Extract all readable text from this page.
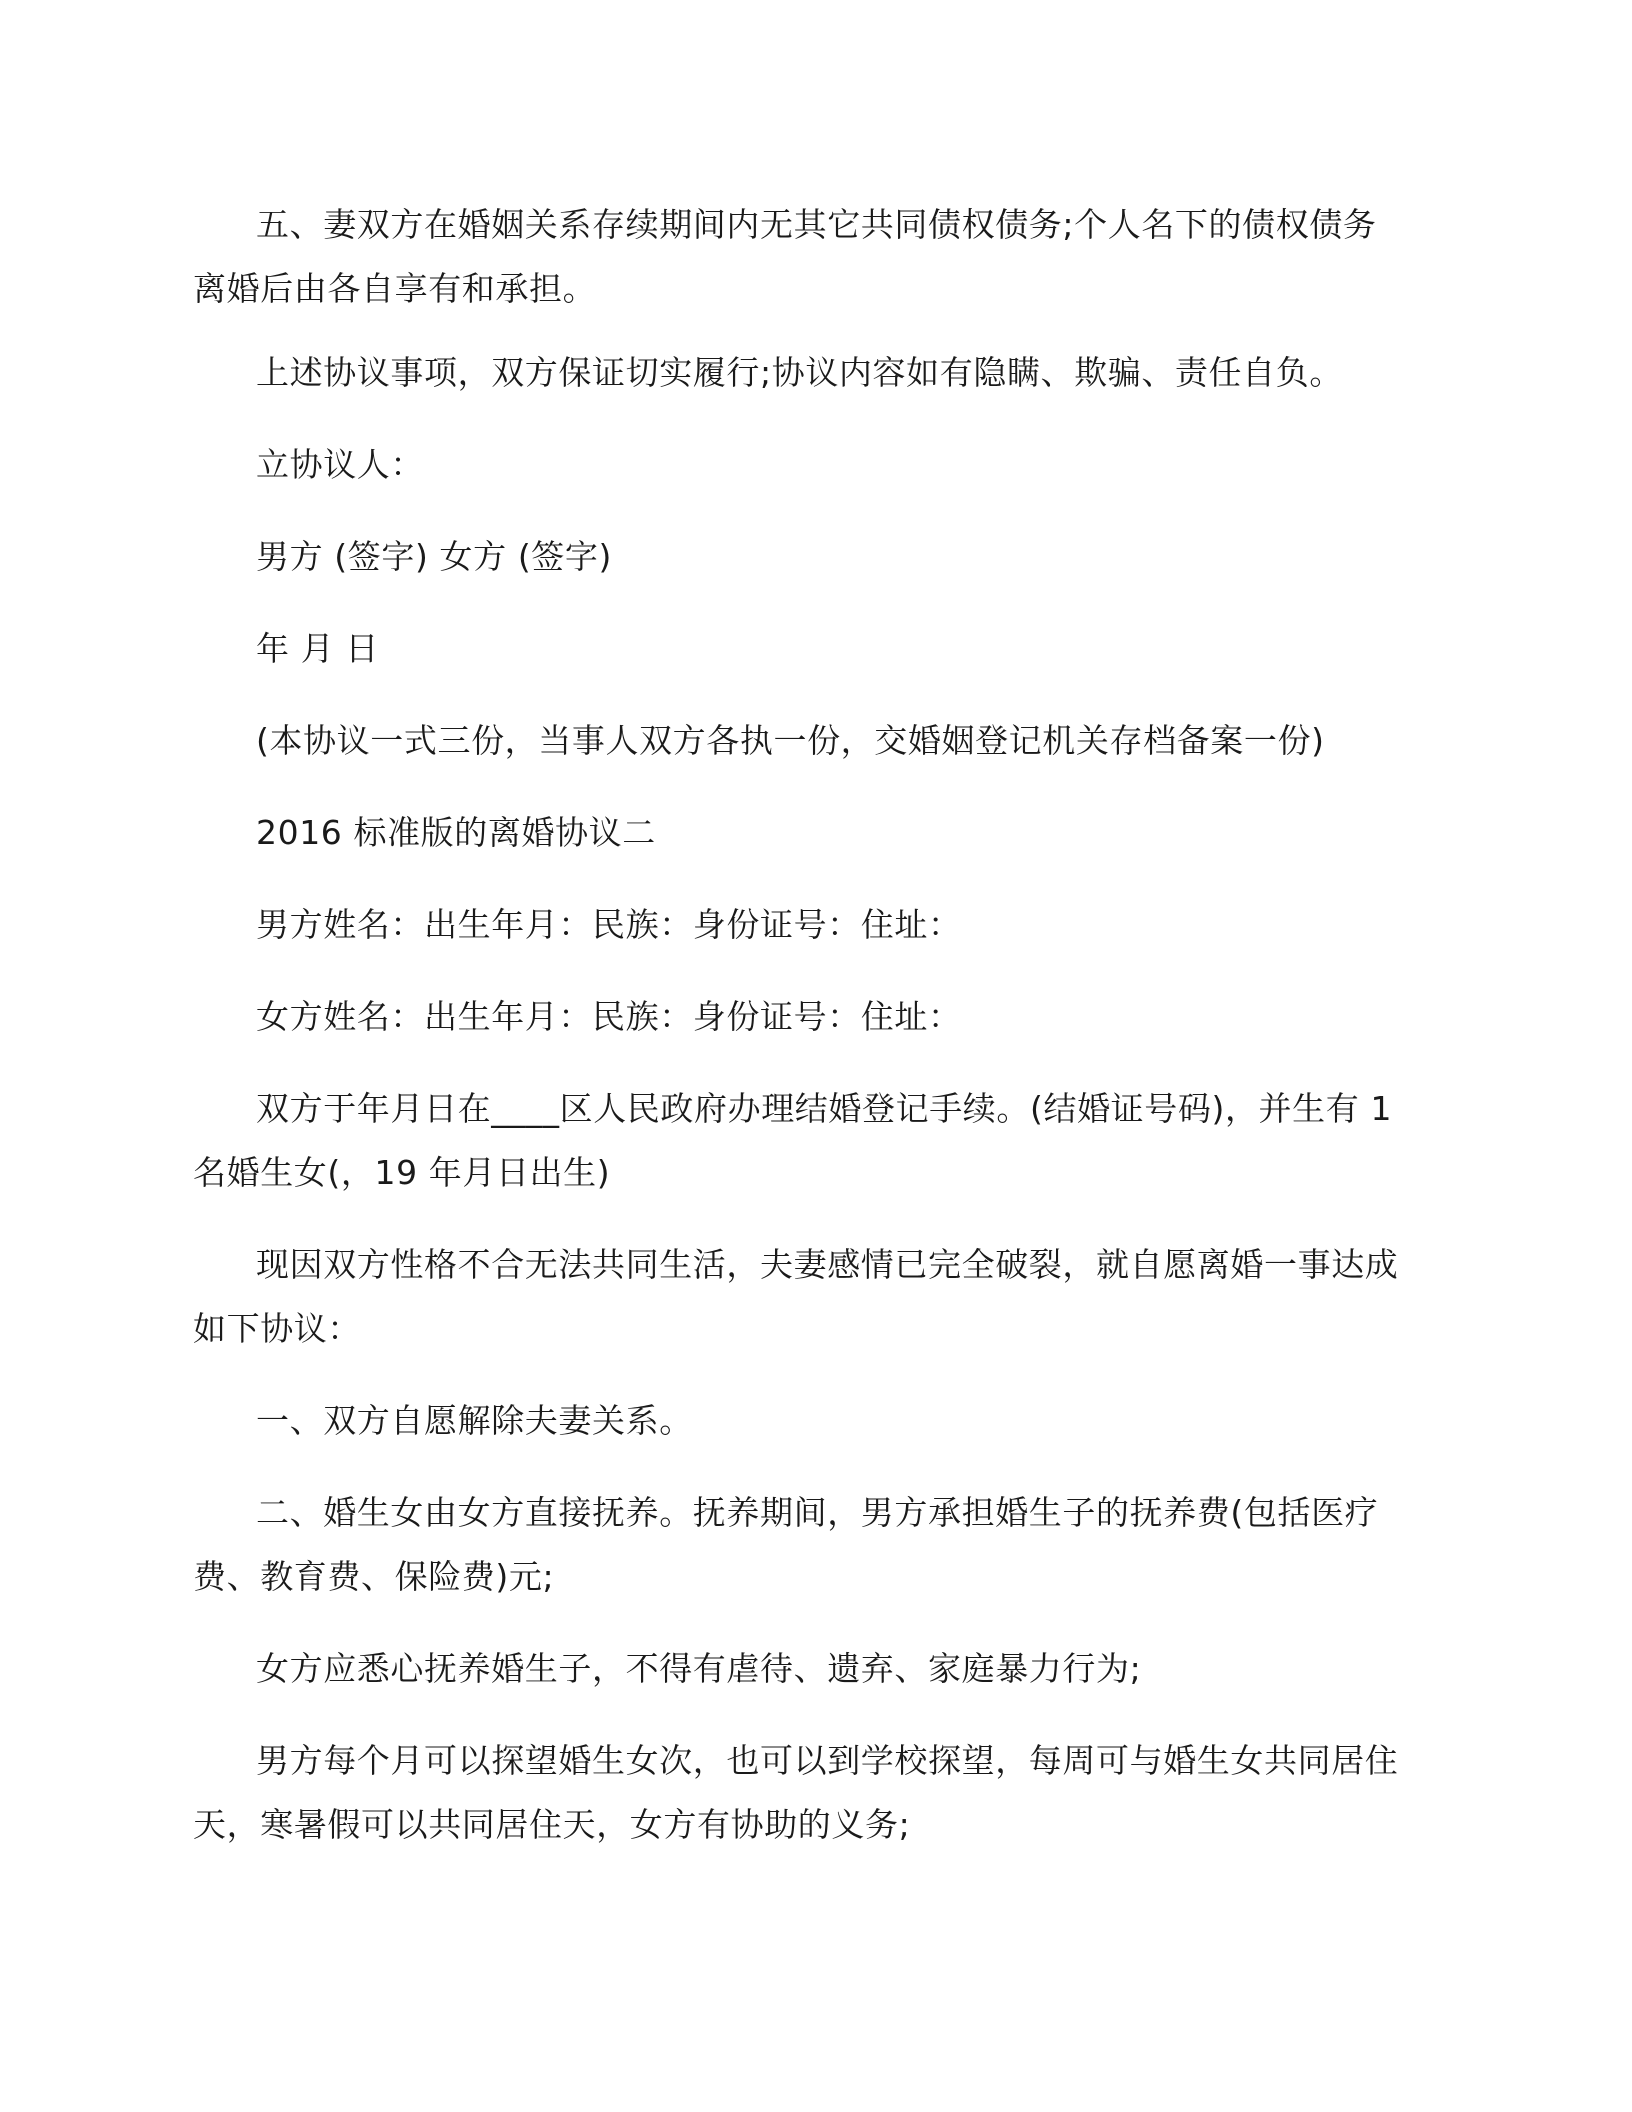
五、妻双方在婚姻关系存续期间内无其它共同债权债务;个人名下的债权债务离婚后由各自享有和承担。

上述协议事项，双方保证切实履行;协议内容如有隐瞒、欺骗、责任自负。

立协议人：

男方 (签字) 女方 (签字)

年 月 日

(本协议一式三份，当事人双方各执一份，交婚姻登记机关存档备案一份)

2016 标准版的离婚协议二

男方姓名：出生年月：民族：身份证号：住址：

女方姓名：出生年月：民族：身份证号：住址：

双方于年月日在____区人民政府办理结婚登记手续。(结婚证号码)，并生有 1 名婚生女(，19 年月日出生)

现因双方性格不合无法共同生活，夫妻感情已完全破裂，就自愿离婚一事达成如下协议：

一、双方自愿解除夫妻关系。

二、婚生女由女方直接抚养。抚养期间，男方承担婚生子的抚养费(包括医疗费、教育费、保险费)元;

女方应悉心抚养婚生子，不得有虐待、遗弃、家庭暴力行为;

男方每个月可以探望婚生女次，也可以到学校探望，每周可与婚生女共同居住天，寒暑假可以共同居住天，女方有协助的义务;
